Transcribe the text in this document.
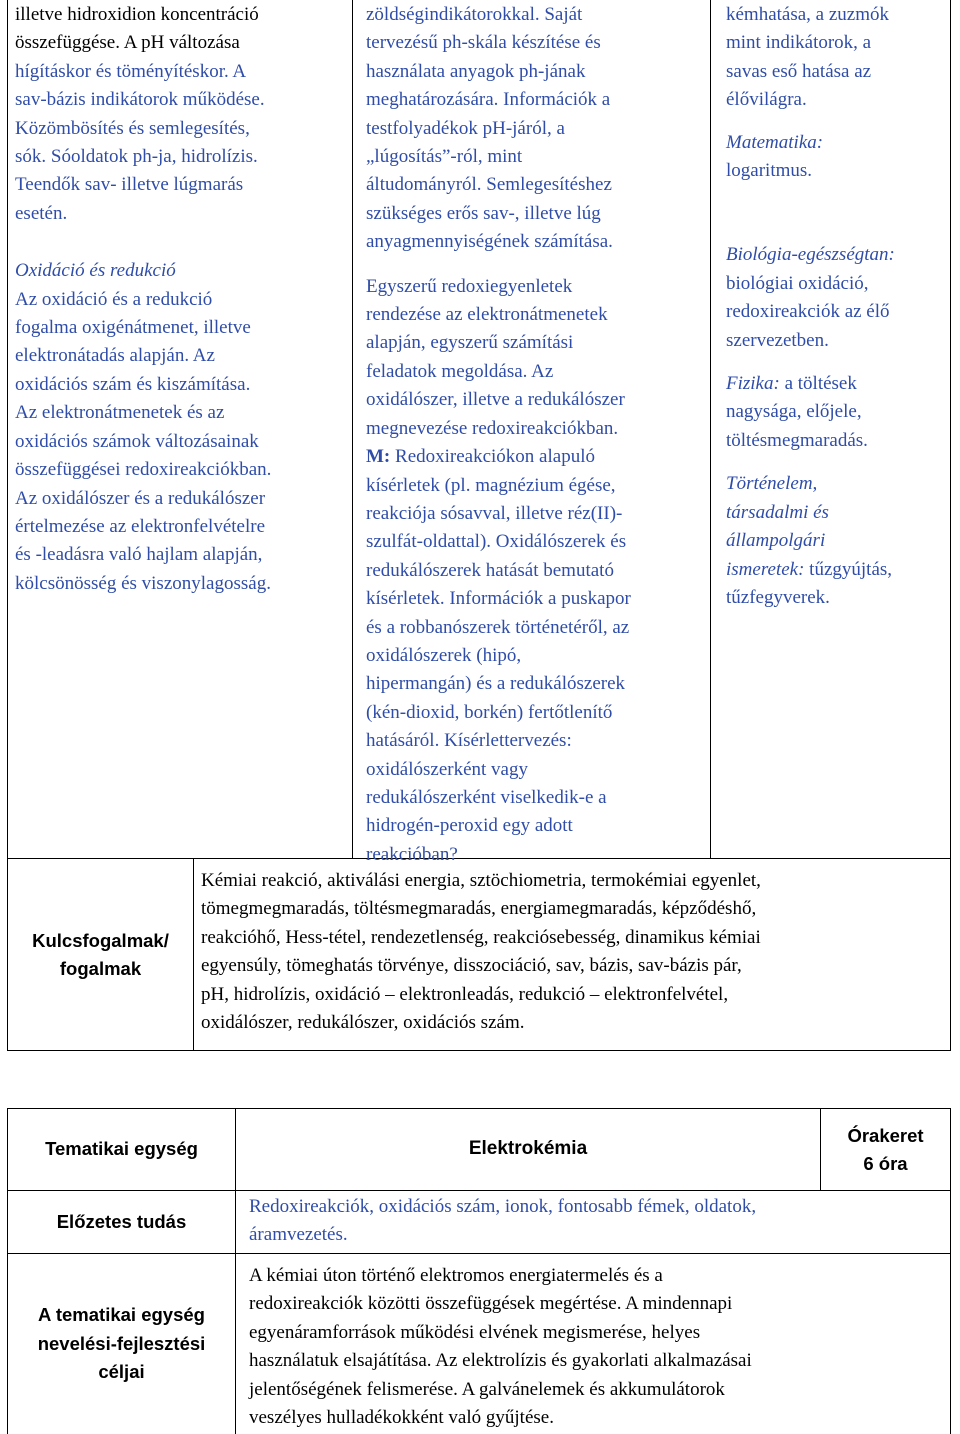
illetve hidroxidion koncentráció

összefüggése. A pH változása

hígításkor és töményítéskor. A

sav-bázis indikátorok működése.

Közömbösítés és semlegesítés,

sók. Sóoldatok ph-ja, hidrolízis.

Teendők sav- illetve lúgmarás

esetén.

Oxidáció és redukció

Az oxidáció és a redukció

fogalma oxigénátmenet, illetve

elektronátadás alapján. Az

oxidációs szám és kiszámítása.

Az elektronátmenetek és az

oxidációs számok változásainak

összefüggései redoxireakciókban.

Az oxidálószer és a redukálószer

értelmezése az elektronfelvételre

és -leadásra való hajlam alapján,

kölcsönösség és viszonylagosság.

zöldségindikátorokkal. Saját

tervezésű ph-skála készítése és

használata anyagok ph-jának

meghatározására. Információk a

testfolyadékok pH-járól, a

„lúgosítás”-ról, mint

áltudományról. Semlegesítéshez

szükséges erős sav-, illetve lúg

anyagmennyiségének számítása.

Egyszerű redoxiegyenletek

rendezése az elektronátmenetek

alapján, egyszerű számítási

feladatok megoldása. Az

oxidálószer, illetve a redukálószer

megnevezése redoxireakciókban.

M: Redoxireakciókon alapuló

kísérletek (pl. magnézium égése,

reakciója sósavval, illetve réz(II)-

szulfát-oldattal). Oxidálószerek és

redukálószerek hatását bemutató

kísérletek. Információk a puskapor

és a robbanószerek történetéről, az

oxidálószerek (hipó,

hipermangán) és a redukálószerek

(kén-dioxid, borkén) fertőtlenítő

hatásáról. Kísérlettervezés:

oxidálószerként vagy

redukálószerként viselkedik-e a

hidrogén-peroxid egy adott

reakcióban?

kémhatása, a zuzmók

mint indikátorok, a

savas eső hatása az

élővilágra.

Matematika:

logaritmus.

Biológia-egészségtan:

biológiai oxidáció,

redoxireakciók az élő

szervezetben.

Fizika: a töltések

nagysága, előjele,

töltésmegmaradás.

Történelem,

társadalmi és

állampolgári

ismeretek: tűzgyújtás,

tűzfegyverek.

Kulcsfogalmak/
fogalmak

Kémiai reakció, aktiválási energia, sztöchiometria, termokémiai egyenlet,

tömegmegmaradás, töltésmegmaradás, energiamegmaradás, képződéshő,

reakcióhő, Hess-tétel, rendezetlenség, reakciósebesség, dinamikus kémiai

egyensúly, tömeghatás törvénye, disszociáció, sav, bázis, sav-bázis pár,

pH, hidrolízis, oxidáció – elektronleadás, redukció – elektronfelvétel,

oxidálószer, redukálószer, oxidációs szám.

Tematikai egység	Elektrokémia
Órakeret
6 óra
Előzetes tudás

Redoxireakciók, oxidációs szám, ionok, fontosabb fémek, oldatok,

áramvezetés.

A tematikai egység
nevelési-fejlesztési
céljai

A kémiai úton történő elektromos energiatermelés és a

redoxireakciók közötti összefüggések megértése. A mindennapi

egyenáramforrások működési elvének megismerése, helyes

használatuk elsajátítása. Az elektrolízis és gyakorlati alkalmazásai

jelentőségének felismerése. A galvánelemek és akkumulátorok

veszélyes hulladékokként való gyűjtése.
